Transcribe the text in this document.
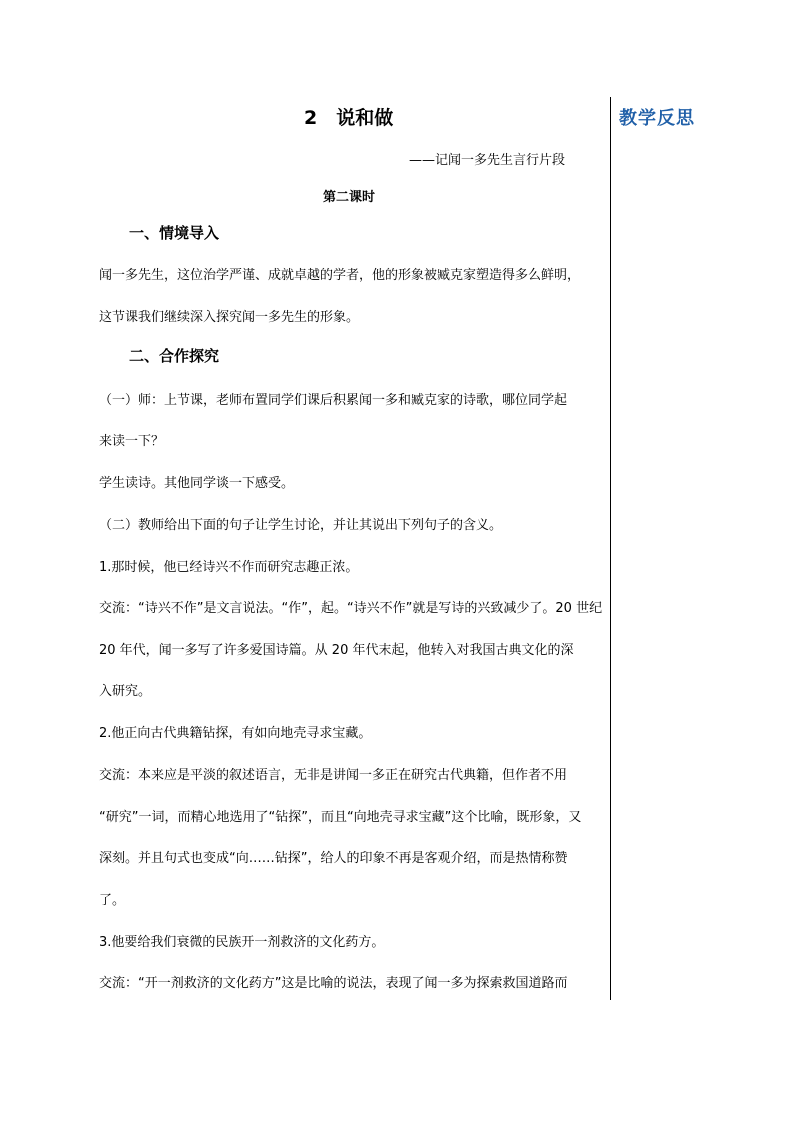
教学反思
2　说和做
——记闻一多先生言行片段
第二课时
一、情境导入
闻一多先生，这位治学严谨、成就卓越的学者，他的形象被臧克家塑造得多么鲜明，
这节课我们继续深入探究闻一多先生的形象。
二、合作探究
（一）师：上节课，老师布置同学们课后积累闻一多和臧克家的诗歌，哪位同学起
来读一下？
学生读诗。其他同学谈一下感受。
（二）教师给出下面的句子让学生讨论，并让其说出下列句子的含义。
1.那时候，他已经诗兴不作而研究志趣正浓。
交流：“诗兴不作”是文言说法。“作”，起。“诗兴不作”就是写诗的兴致减少了。20 世纪
20 年代，闻一多写了许多爱国诗篇。从 20 年代末起，他转入对我国古典文化的深
入研究。
2.他正向古代典籍钻探，有如向地壳寻求宝藏。
交流：本来应是平淡的叙述语言，无非是讲闻一多正在研究古代典籍，但作者不用
“研究”一词，而精心地选用了“钻探”，而且“向地壳寻求宝藏”这个比喻，既形象，又
深刻。并且句式也变成“向……钻探”，给人的印象不再是客观介绍，而是热情称赞
了。
3.他要给我们衰微的民族开一剂救济的文化药方。
交流：“开一剂救济的文化药方”这是比喻的说法，表现了闻一多为探索救国道路而
